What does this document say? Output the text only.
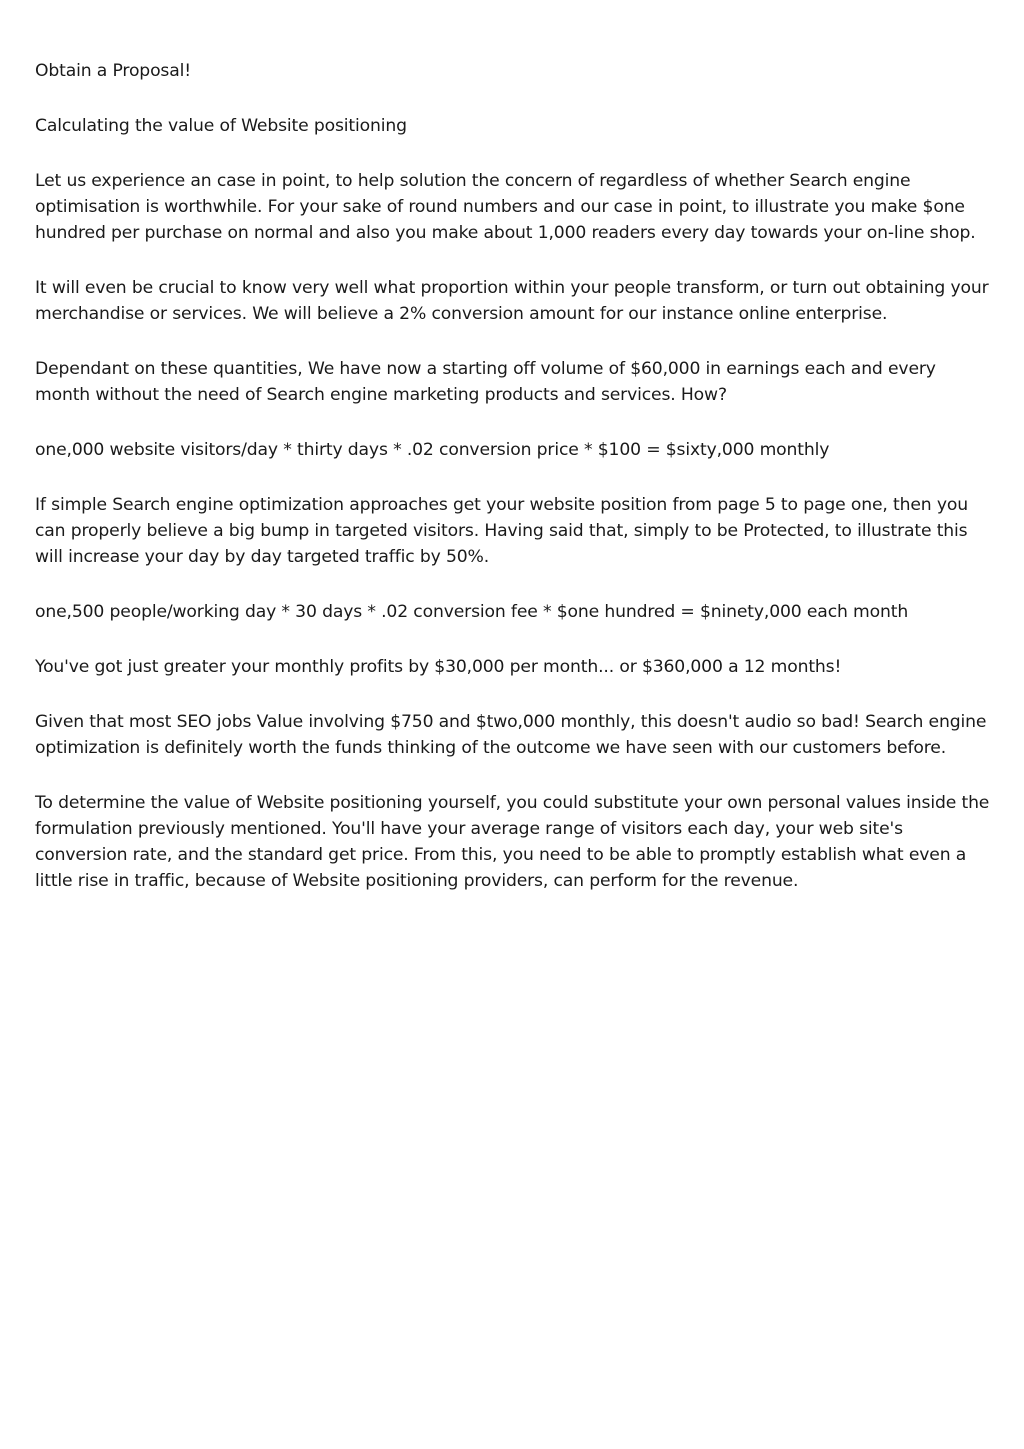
Obtain a Proposal!

Calculating the value of Website positioning

Let us experience an case in point, to help solution the concern of regardless of whether Search engine optimisation is worthwhile. For your sake of round numbers and our case in point, to illustrate you make $one hundred per purchase on normal and also you make about 1,000 readers every day towards your on-line shop.

It will even be crucial to know very well what proportion within your people transform, or turn out obtaining your merchandise or services. We will believe a 2% conversion amount for our instance online enterprise.

Dependant on these quantities, We have now a starting off volume of $60,000 in earnings each and every month without the need of Search engine marketing products and services. How?

one,000 website visitors/day * thirty days * .02 conversion price * $100 = $sixty,000 monthly

If simple Search engine optimization approaches get your website position from page 5 to page one, then you can properly believe a big bump in targeted visitors. Having said that, simply to be Protected, to illustrate this will increase your day by day targeted traffic by 50%.

one,500 people/working day * 30 days * .02 conversion fee * $one hundred = $ninety,000 each month

You've got just greater your monthly profits by $30,000 per month... or $360,000 a 12 months!

Given that most SEO jobs Value involving $750 and $two,000 monthly, this doesn't audio so bad! Search engine optimization is definitely worth the funds thinking of the outcome we have seen with our customers before.

To determine the value of Website positioning yourself, you could substitute your own personal values inside the formulation previously mentioned. You'll have your average range of visitors each day, your web site's conversion rate, and the standard get price. From this, you need to be able to promptly establish what even a little rise in traffic, because of Website positioning providers, can perform for the revenue.
